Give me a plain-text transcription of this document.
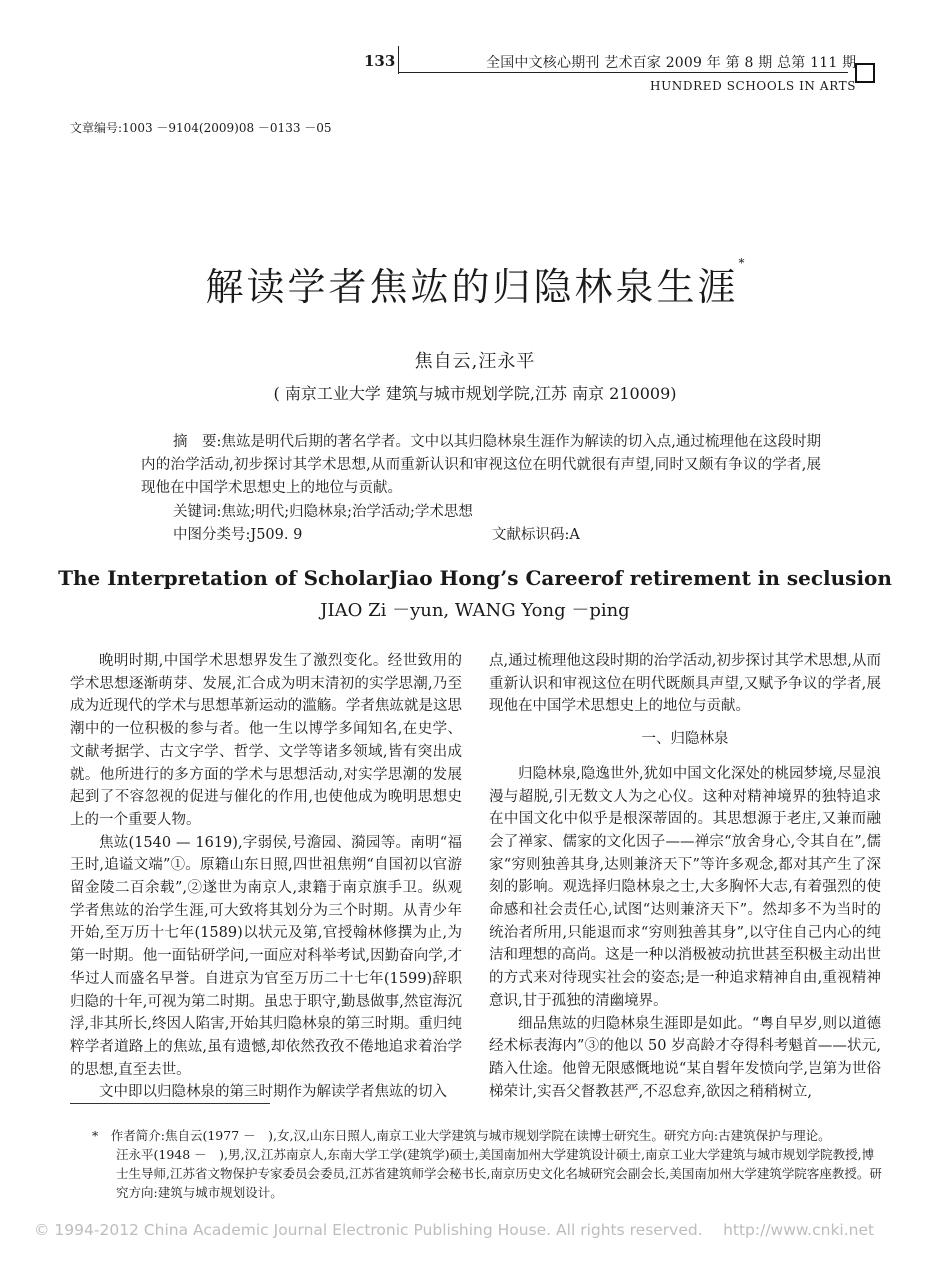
133	全国中文核心期刊 艺术百家 2009 年 第 8 期 总第 111 期
HUNDRED SCHOOLS IN ARTS
文章编号:1003 －9104(2009)08 －0133 －05
解读学者焦竑的归隐林泉生涯*
焦自云,汪永平
( 南京工业大学 建筑与城市规划学院,江苏 南京 210009)
摘　要:焦竑是明代后期的著名学者。文中以其归隐林泉生涯作为解读的切入点,通过梳理他在这段时期内的治学活动,初步探讨其学术思想,从而重新认识和审视这位在明代就很有声望,同时又颇有争议的学者,展现他在中国学术思想史上的地位与贡献。
关键词:焦竑;明代;归隐林泉;治学活动;学术思想
中图分类号:J509. 9	文献标识码:A
The Interpretation of ScholarJiao Hong’s Careerof retirement in seclusion
JIAO Zi －yun, WANG Yong －ping

晚明时期,中国学术思想界发生了激烈变化。经世致用的学术思想逐渐萌芽、发展,汇合成为明末清初的实学思潮,乃至成为近现代的学术与思想革新运动的滥觞。学者焦竑就是这思潮中的一位积极的参与者。他一生以博学多闻知名,在史学、文献考据学、古文字学、哲学、文学等诸多领域,皆有突出成就。他所进行的多方面的学术与思想活动,对实学思潮的发展起到了不容忽视的促进与催化的作用,也使他成为晚明思想史上的一个重要人物。

焦竑(1540 — 1619),字弱侯,号澹园、漪园等。南明“福王时,追谥文端”①。原籍山东日照,四世祖焦朔“自国初以官游留金陵二百余载”,②遂世为南京人,隶籍于南京旗手卫。纵观学者焦竑的治学生涯,可大致将其划分为三个时期。从青少年开始,至万历十七年(1589)以状元及第,官授翰林修撰为止,为第一时期。他一面钻研学问,一面应对科举考试,因勤奋向学,才华过人而盛名早誉。自进京为官至万历二十七年(1599)辞职归隐的十年,可视为第二时期。虽忠于职守,勤恳做事,然宦海沉浮,非其所长,终因人陷害,开始其归隐林泉的第三时期。重归纯粹学者道路上的焦竑,虽有遗憾,却依然孜孜不倦地追求着治学的思想,直至去世。

文中即以归隐林泉的第三时期作为解读学者焦竑的切入

点,通过梳理他这段时期的治学活动,初步探讨其学术思想,从而重新认识和审视这位在明代既颇具声望,又赋予争议的学者,展现他在中国学术思想史上的地位与贡献。

一、归隐林泉

归隐林泉,隐逸世外,犹如中国文化深处的桃园梦境,尽显浪漫与超脱,引无数文人为之心仪。这种对精神境界的独特追求在中国文化中似乎是根深蒂固的。其思想源于老庄,又兼而融会了禅家、儒家的文化因子——禅宗“放舍身心,令其自在”,儒家“穷则独善其身,达则兼济天下”等许多观念,都对其产生了深刻的影响。观选择归隐林泉之士,大多胸怀大志,有着强烈的使命感和社会责任心,试图“达则兼济天下”。然却多不为当时的统治者所用,只能退而求“穷则独善其身”,以守住自己内心的纯洁和理想的高尚。这是一种以消极被动抗世甚至积极主动出世的方式来对待现实社会的姿态;是一种追求精神自由,重视精神意识,甘于孤独的清幽境界。

细品焦竑的归隐林泉生涯即是如此。“粤自早岁,则以道德经术标表海内”③的他以 50 岁高龄才夺得科考魁首——状元,踏入仕途。他曾无限感慨地说“某自髫年发愤向学,岂第为世俗梯荣计,实吾父督教甚严,不忍怠弃,欲因之稍稍树立,

*　作者简介:焦自云(1977 －　),女,汉,山东日照人,南京工业大学建筑与城市规划学院在读博士研究生。研究方向:古建筑保护与理论。

汪永平(1948 －　),男,汉,江苏南京人,东南大学工学(建筑学)硕士,美国南加州大学建筑设计硕士,南京工业大学建筑与城市规划学院教授,博士生导师,江苏省文物保护专家委员会委员,江苏省建筑师学会秘书长,南京历史文化名城研究会副会长,美国南加州大学建筑学院客座教授。研究方向:建筑与城市规划设计。

© 1994-2012 China Academic Journal Electronic Publishing House. All rights reserved.　 http://www.cnki.net
